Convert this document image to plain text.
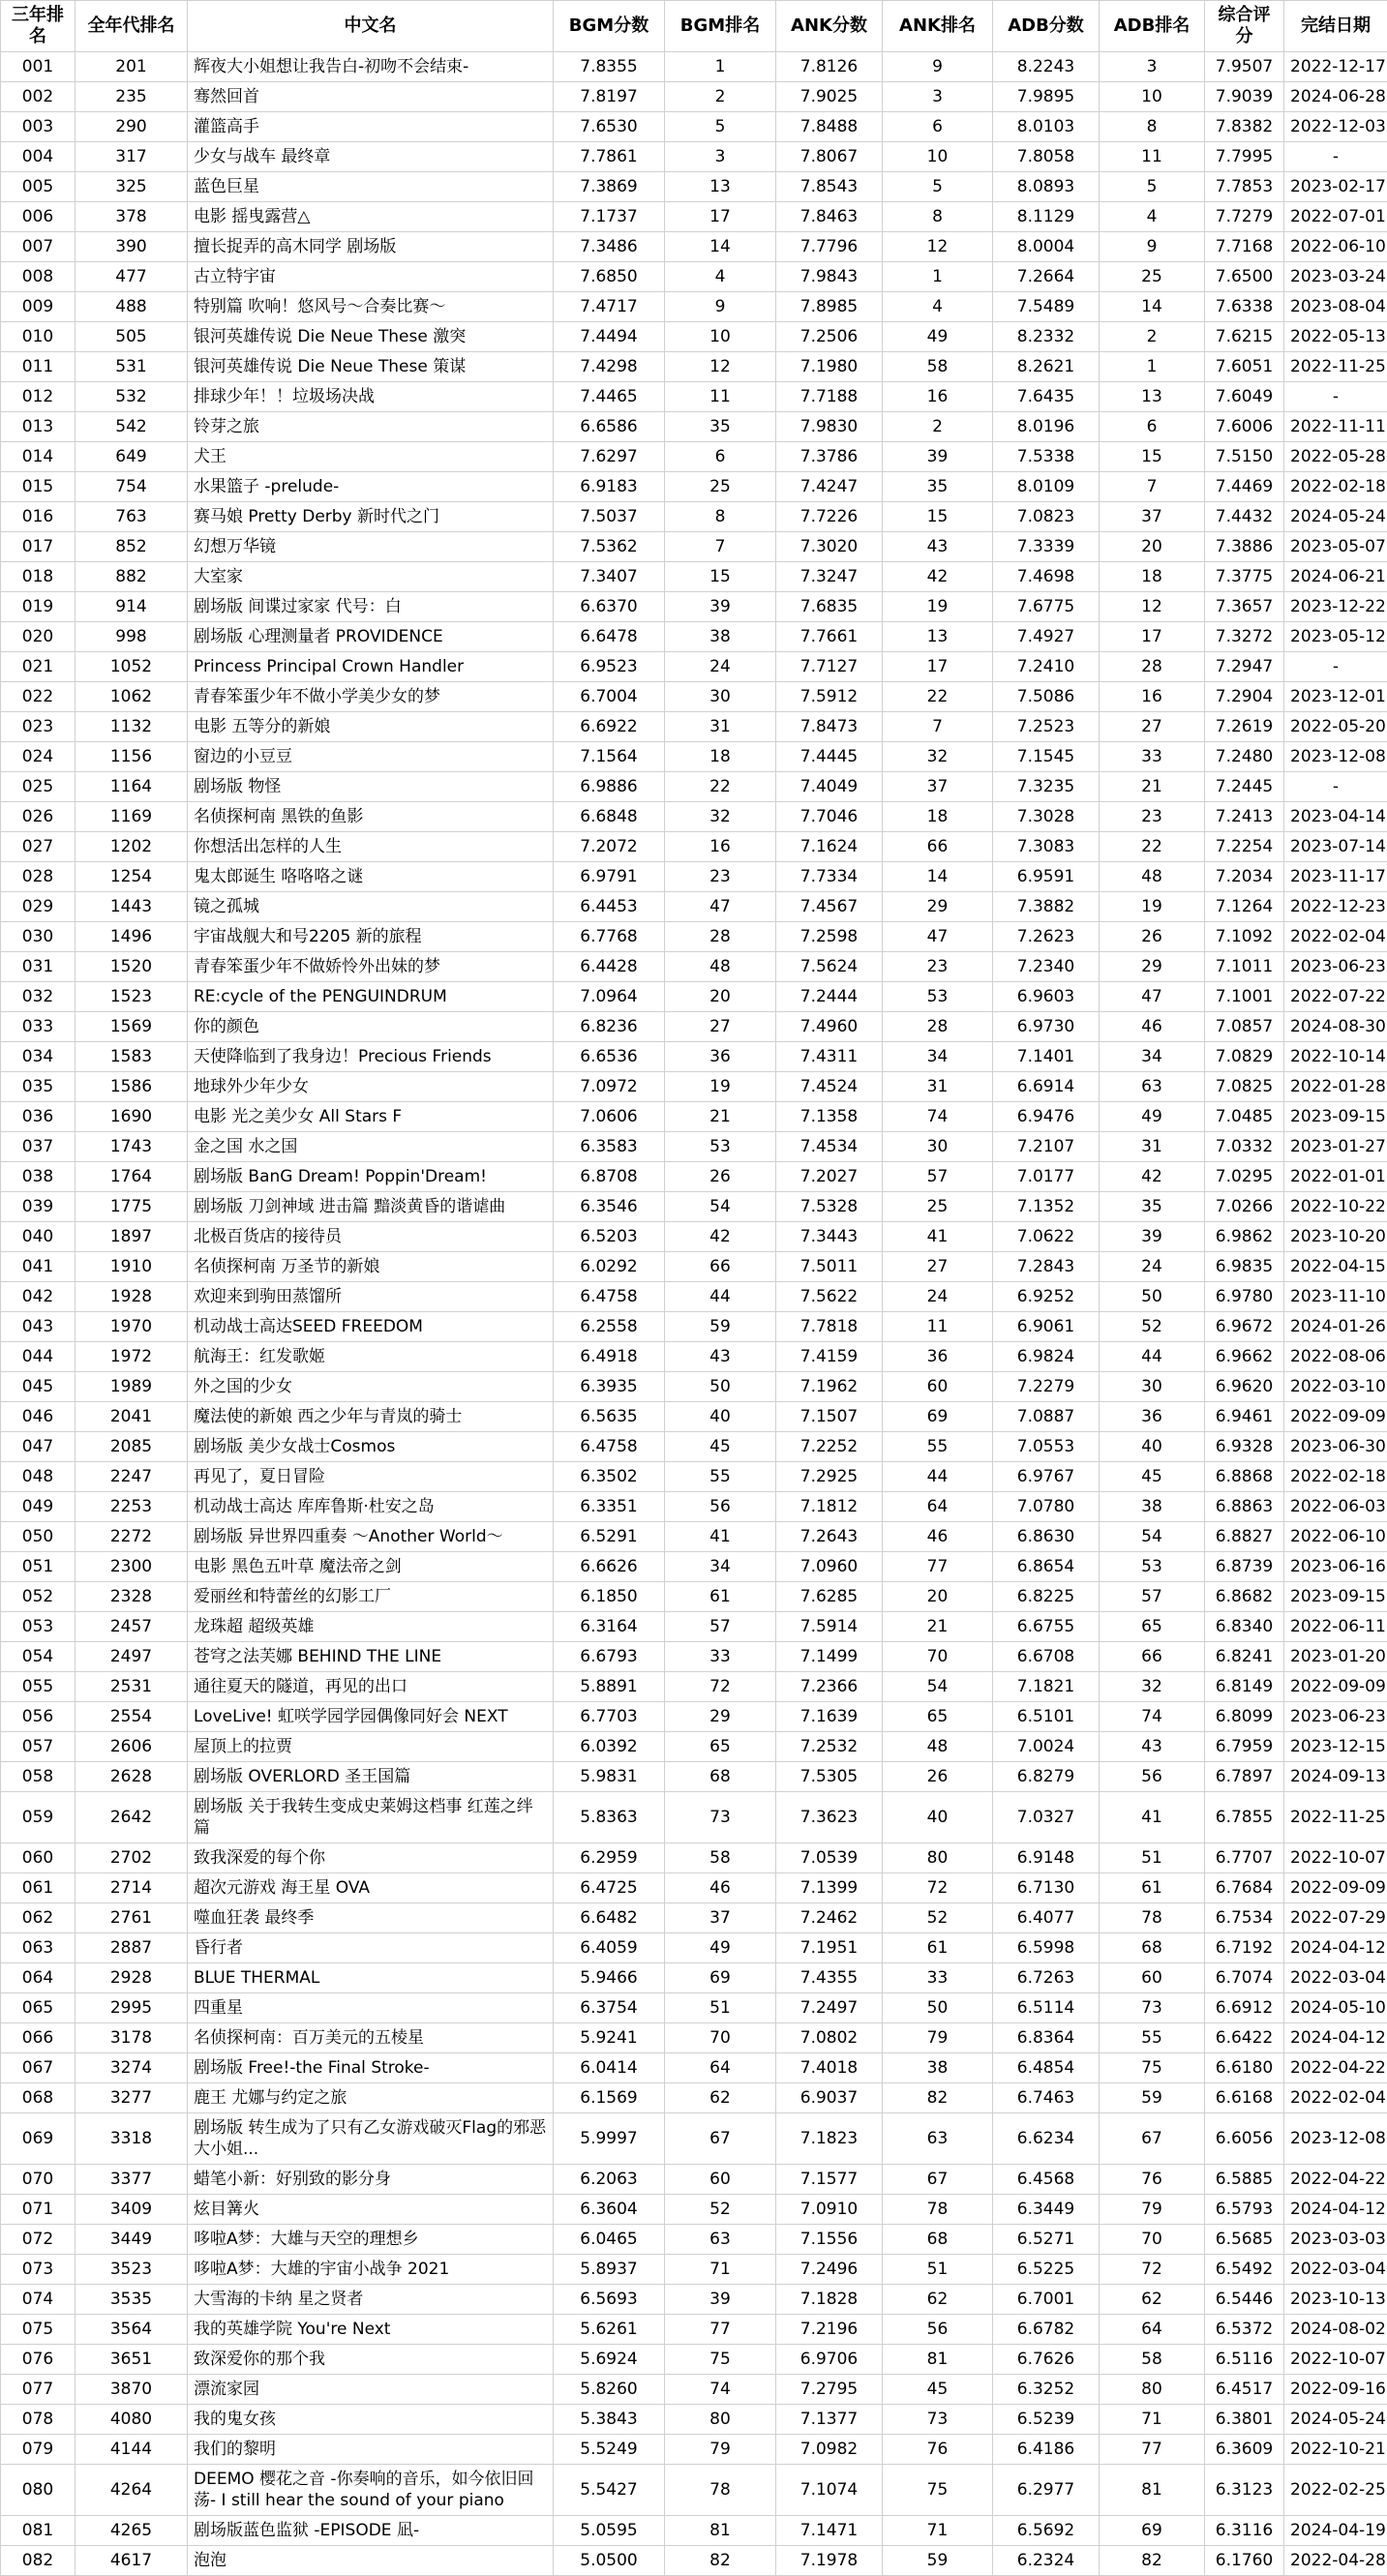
三年排名	全年代排名	中文名	BGM分数	BGM排名	ANK分数	ANK排名	ADB分数	ADB排名	综合评分	完结日期
001	201	辉夜大小姐想让我告白-初吻不会结束-	7.8355	1	7.8126	9	8.2243	3	7.9507	2022-12-17
002	235	骞然回首	7.8197	2	7.9025	3	7.9895	10	7.9039	2024-06-28
003	290	灌篮高手	7.6530	5	7.8488	6	8.0103	8	7.8382	2022-12-03
004	317	少女与战车 最终章	7.7861	3	7.8067	10	7.8058	11	7.7995	-
005	325	蓝色巨星	7.3869	13	7.8543	5	8.0893	5	7.7853	2023-02-17
006	378	电影 摇曳露营△	7.1737	17	7.8463	8	8.1129	4	7.7279	2022-07-01
007	390	擅长捉弄的高木同学 剧场版	7.3486	14	7.7796	12	8.0004	9	7.7168	2022-06-10
008	477	古立特宇宙	7.6850	4	7.9843	1	7.2664	25	7.6500	2023-03-24
009	488	特别篇 吹响！悠风号～合奏比赛～	7.4717	9	7.8985	4	7.5489	14	7.6338	2023-08-04
010	505	银河英雄传说 Die Neue These 激突	7.4494	10	7.2506	49	8.2332	2	7.6215	2022-05-13
011	531	银河英雄传说 Die Neue These 策谋	7.4298	12	7.1980	58	8.2621	1	7.6051	2022-11-25
012	532	排球少年！！垃圾场决战	7.4465	11	7.7188	16	7.6435	13	7.6049	-
013	542	铃芽之旅	6.6586	35	7.9830	2	8.0196	6	7.6006	2022-11-11
014	649	犬王	7.6297	6	7.3786	39	7.5338	15	7.5150	2022-05-28
015	754	水果篮子 -prelude-	6.9183	25	7.4247	35	8.0109	7	7.4469	2022-02-18
016	763	赛马娘 Pretty Derby 新时代之门	7.5037	8	7.7226	15	7.0823	37	7.4432	2024-05-24
017	852	幻想万华镜	7.5362	7	7.3020	43	7.3339	20	7.3886	2023-05-07
018	882	大室家	7.3407	15	7.3247	42	7.4698	18	7.3775	2024-06-21
019	914	剧场版 间谍过家家 代号：白	6.6370	39	7.6835	19	7.6775	12	7.3657	2023-12-22
020	998	剧场版 心理测量者 PROVIDENCE	6.6478	38	7.7661	13	7.4927	17	7.3272	2023-05-12
021	1052	Princess Principal Crown Handler	6.9523	24	7.7127	17	7.2410	28	7.2947	-
022	1062	青春笨蛋少年不做小学美少女的梦	6.7004	30	7.5912	22	7.5086	16	7.2904	2023-12-01
023	1132	电影 五等分的新娘	6.6922	31	7.8473	7	7.2523	27	7.2619	2022-05-20
024	1156	窗边的小豆豆	7.1564	18	7.4445	32	7.1545	33	7.2480	2023-12-08
025	1164	剧场版 物怪	6.9886	22	7.4049	37	7.3235	21	7.2445	-
026	1169	名侦探柯南 黑铁的鱼影	6.6848	32	7.7046	18	7.3028	23	7.2413	2023-04-14
027	1202	你想活出怎样的人生	7.2072	16	7.1624	66	7.3083	22	7.2254	2023-07-14
028	1254	鬼太郎诞生 咯咯咯之谜	6.9791	23	7.7334	14	6.9591	48	7.2034	2023-11-17
029	1443	镜之孤城	6.4453	47	7.4567	29	7.3882	19	7.1264	2022-12-23
030	1496	宇宙战舰大和号2205 新的旅程	6.7768	28	7.2598	47	7.2623	26	7.1092	2022-02-04
031	1520	青春笨蛋少年不做娇怜外出妹的梦	6.4428	48	7.5624	23	7.2340	29	7.1011	2023-06-23
032	1523	RE:cycle of the PENGUINDRUM	7.0964	20	7.2444	53	6.9603	47	7.1001	2022-07-22
033	1569	你的颜色	6.8236	27	7.4960	28	6.9730	46	7.0857	2024-08-30
034	1583	天使降临到了我身边！Precious Friends	6.6536	36	7.4311	34	7.1401	34	7.0829	2022-10-14
035	1586	地球外少年少女	7.0972	19	7.4524	31	6.6914	63	7.0825	2022-01-28
036	1690	电影 光之美少女 All Stars F	7.0606	21	7.1358	74	6.9476	49	7.0485	2023-09-15
037	1743	金之国 水之国	6.3583	53	7.4534	30	7.2107	31	7.0332	2023-01-27
038	1764	剧场版 BanG Dream! Poppin'Dream!	6.8708	26	7.2027	57	7.0177	42	7.0295	2022-01-01
039	1775	剧场版 刀剑神域 进击篇 黯淡黄昏的谐谑曲	6.3546	54	7.5328	25	7.1352	35	7.0266	2022-10-22
040	1897	北极百货店的接待员	6.5203	42	7.3443	41	7.0622	39	6.9862	2023-10-20
041	1910	名侦探柯南 万圣节的新娘	6.0292	66	7.5011	27	7.2843	24	6.9835	2022-04-15
042	1928	欢迎来到驹田蒸馏所	6.4758	44	7.5622	24	6.9252	50	6.9780	2023-11-10
043	1970	机动战士高达SEED FREEDOM	6.2558	59	7.7818	11	6.9061	52	6.9672	2024-01-26
044	1972	航海王：红发歌姬	6.4918	43	7.4159	36	6.9824	44	6.9662	2022-08-06
045	1989	外之国的少女	6.3935	50	7.1962	60	7.2279	30	6.9620	2022-03-10
046	2041	魔法使的新娘 西之少年与青岚的骑士	6.5635	40	7.1507	69	7.0887	36	6.9461	2022-09-09
047	2085	剧场版 美少女战士Cosmos	6.4758	45	7.2252	55	7.0553	40	6.9328	2023-06-30
048	2247	再见了，夏日冒险	6.3502	55	7.2925	44	6.9767	45	6.8868	2022-02-18
049	2253	机动战士高达 库库鲁斯·杜安之岛	6.3351	56	7.1812	64	7.0780	38	6.8863	2022-06-03
050	2272	剧场版 异世界四重奏 ～Another World～	6.5291	41	7.2643	46	6.8630	54	6.8827	2022-06-10
051	2300	电影 黑色五叶草 魔法帝之剑	6.6626	34	7.0960	77	6.8654	53	6.8739	2023-06-16
052	2328	爱丽丝和特蕾丝的幻影工厂	6.1850	61	7.6285	20	6.8225	57	6.8682	2023-09-15
053	2457	龙珠超 超级英雄	6.3164	57	7.5914	21	6.6755	65	6.8340	2022-06-11
054	2497	苍穹之法芙娜 BEHIND THE LINE	6.6793	33	7.1499	70	6.6708	66	6.8241	2023-01-20
055	2531	通往夏天的隧道，再见的出口	5.8891	72	7.2366	54	7.1821	32	6.8149	2022-09-09
056	2554	LoveLive! 虹咲学园学园偶像同好会 NEXT	6.7703	29	7.1639	65	6.5101	74	6.8099	2023-06-23
057	2606	屋顶上的拉贾	6.0392	65	7.2532	48	7.0024	43	6.7959	2023-12-15
058	2628	剧场版 OVERLORD 圣王国篇	5.9831	68	7.5305	26	6.8279	56	6.7897	2024-09-13
059	2642	剧场版 关于我转生变成史莱姆这档事 红莲之绊篇	5.8363	73	7.3623	40	7.0327	41	6.7855	2022-11-25
060	2702	致我深爱的每个你	6.2959	58	7.0539	80	6.9148	51	6.7707	2022-10-07
061	2714	超次元游戏 海王星 OVA	6.4725	46	7.1399	72	6.7130	61	6.7684	2022-09-09
062	2761	噬血狂袭 最终季	6.6482	37	7.2462	52	6.4077	78	6.7534	2022-07-29
063	2887	昏行者	6.4059	49	7.1951	61	6.5998	68	6.7192	2024-04-12
064	2928	BLUE THERMAL	5.9466	69	7.4355	33	6.7263	60	6.7074	2022-03-04
065	2995	四重星	6.3754	51	7.2497	50	6.5114	73	6.6912	2024-05-10
066	3178	名侦探柯南：百万美元的五棱星	5.9241	70	7.0802	79	6.8364	55	6.6422	2024-04-12
067	3274	剧场版 Free!-the Final Stroke-	6.0414	64	7.4018	38	6.4854	75	6.6180	2022-04-22
068	3277	鹿王 尤娜与约定之旅	6.1569	62	6.9037	82	6.7463	59	6.6168	2022-02-04
069	3318	剧场版 转生成为了只有乙女游戏破灭Flag的邪恶大小姐...	5.9997	67	7.1823	63	6.6234	67	6.6056	2023-12-08
070	3377	蜡笔小新：好别致的影分身	6.2063	60	7.1577	67	6.4568	76	6.5885	2022-04-22
071	3409	炫目篝火	6.3604	52	7.0910	78	6.3449	79	6.5793	2024-04-12
072	3449	哆啦A梦：大雄与天空的理想乡	6.0465	63	7.1556	68	6.5271	70	6.5685	2023-03-03
073	3523	哆啦A梦：大雄的宇宙小战争 2021	5.8937	71	7.2496	51	6.5225	72	6.5492	2022-03-04
074	3535	大雪海的卡纳 星之贤者	6.5693	39	7.1828	62	6.7001	62	6.5446	2023-10-13
075	3564	我的英雄学院 You're Next	5.6261	77	7.2196	56	6.6782	64	6.5372	2024-08-02
076	3651	致深爱你的那个我	5.6924	75	6.9706	81	6.7626	58	6.5116	2022-10-07
077	3870	漂流家园	5.8260	74	7.2795	45	6.3252	80	6.4517	2022-09-16
078	4080	我的鬼女孩	5.3843	80	7.1377	73	6.5239	71	6.3801	2024-05-24
079	4144	我们的黎明	5.5249	79	7.0982	76	6.4186	77	6.3609	2022-10-21
080	4264	DEEMO 樱花之音 -你奏响的音乐，如今依旧回荡- I still hear the sound of your piano	5.5427	78	7.1074	75	6.2977	81	6.3123	2022-02-25
081	4265	剧场版蓝色监狱 -EPISODE 凪-	5.0595	81	7.1471	71	6.5692	69	6.3116	2024-04-19
082	4617	泡泡	5.0500	82	7.1978	59	6.2324	82	6.1760	2022-04-28
